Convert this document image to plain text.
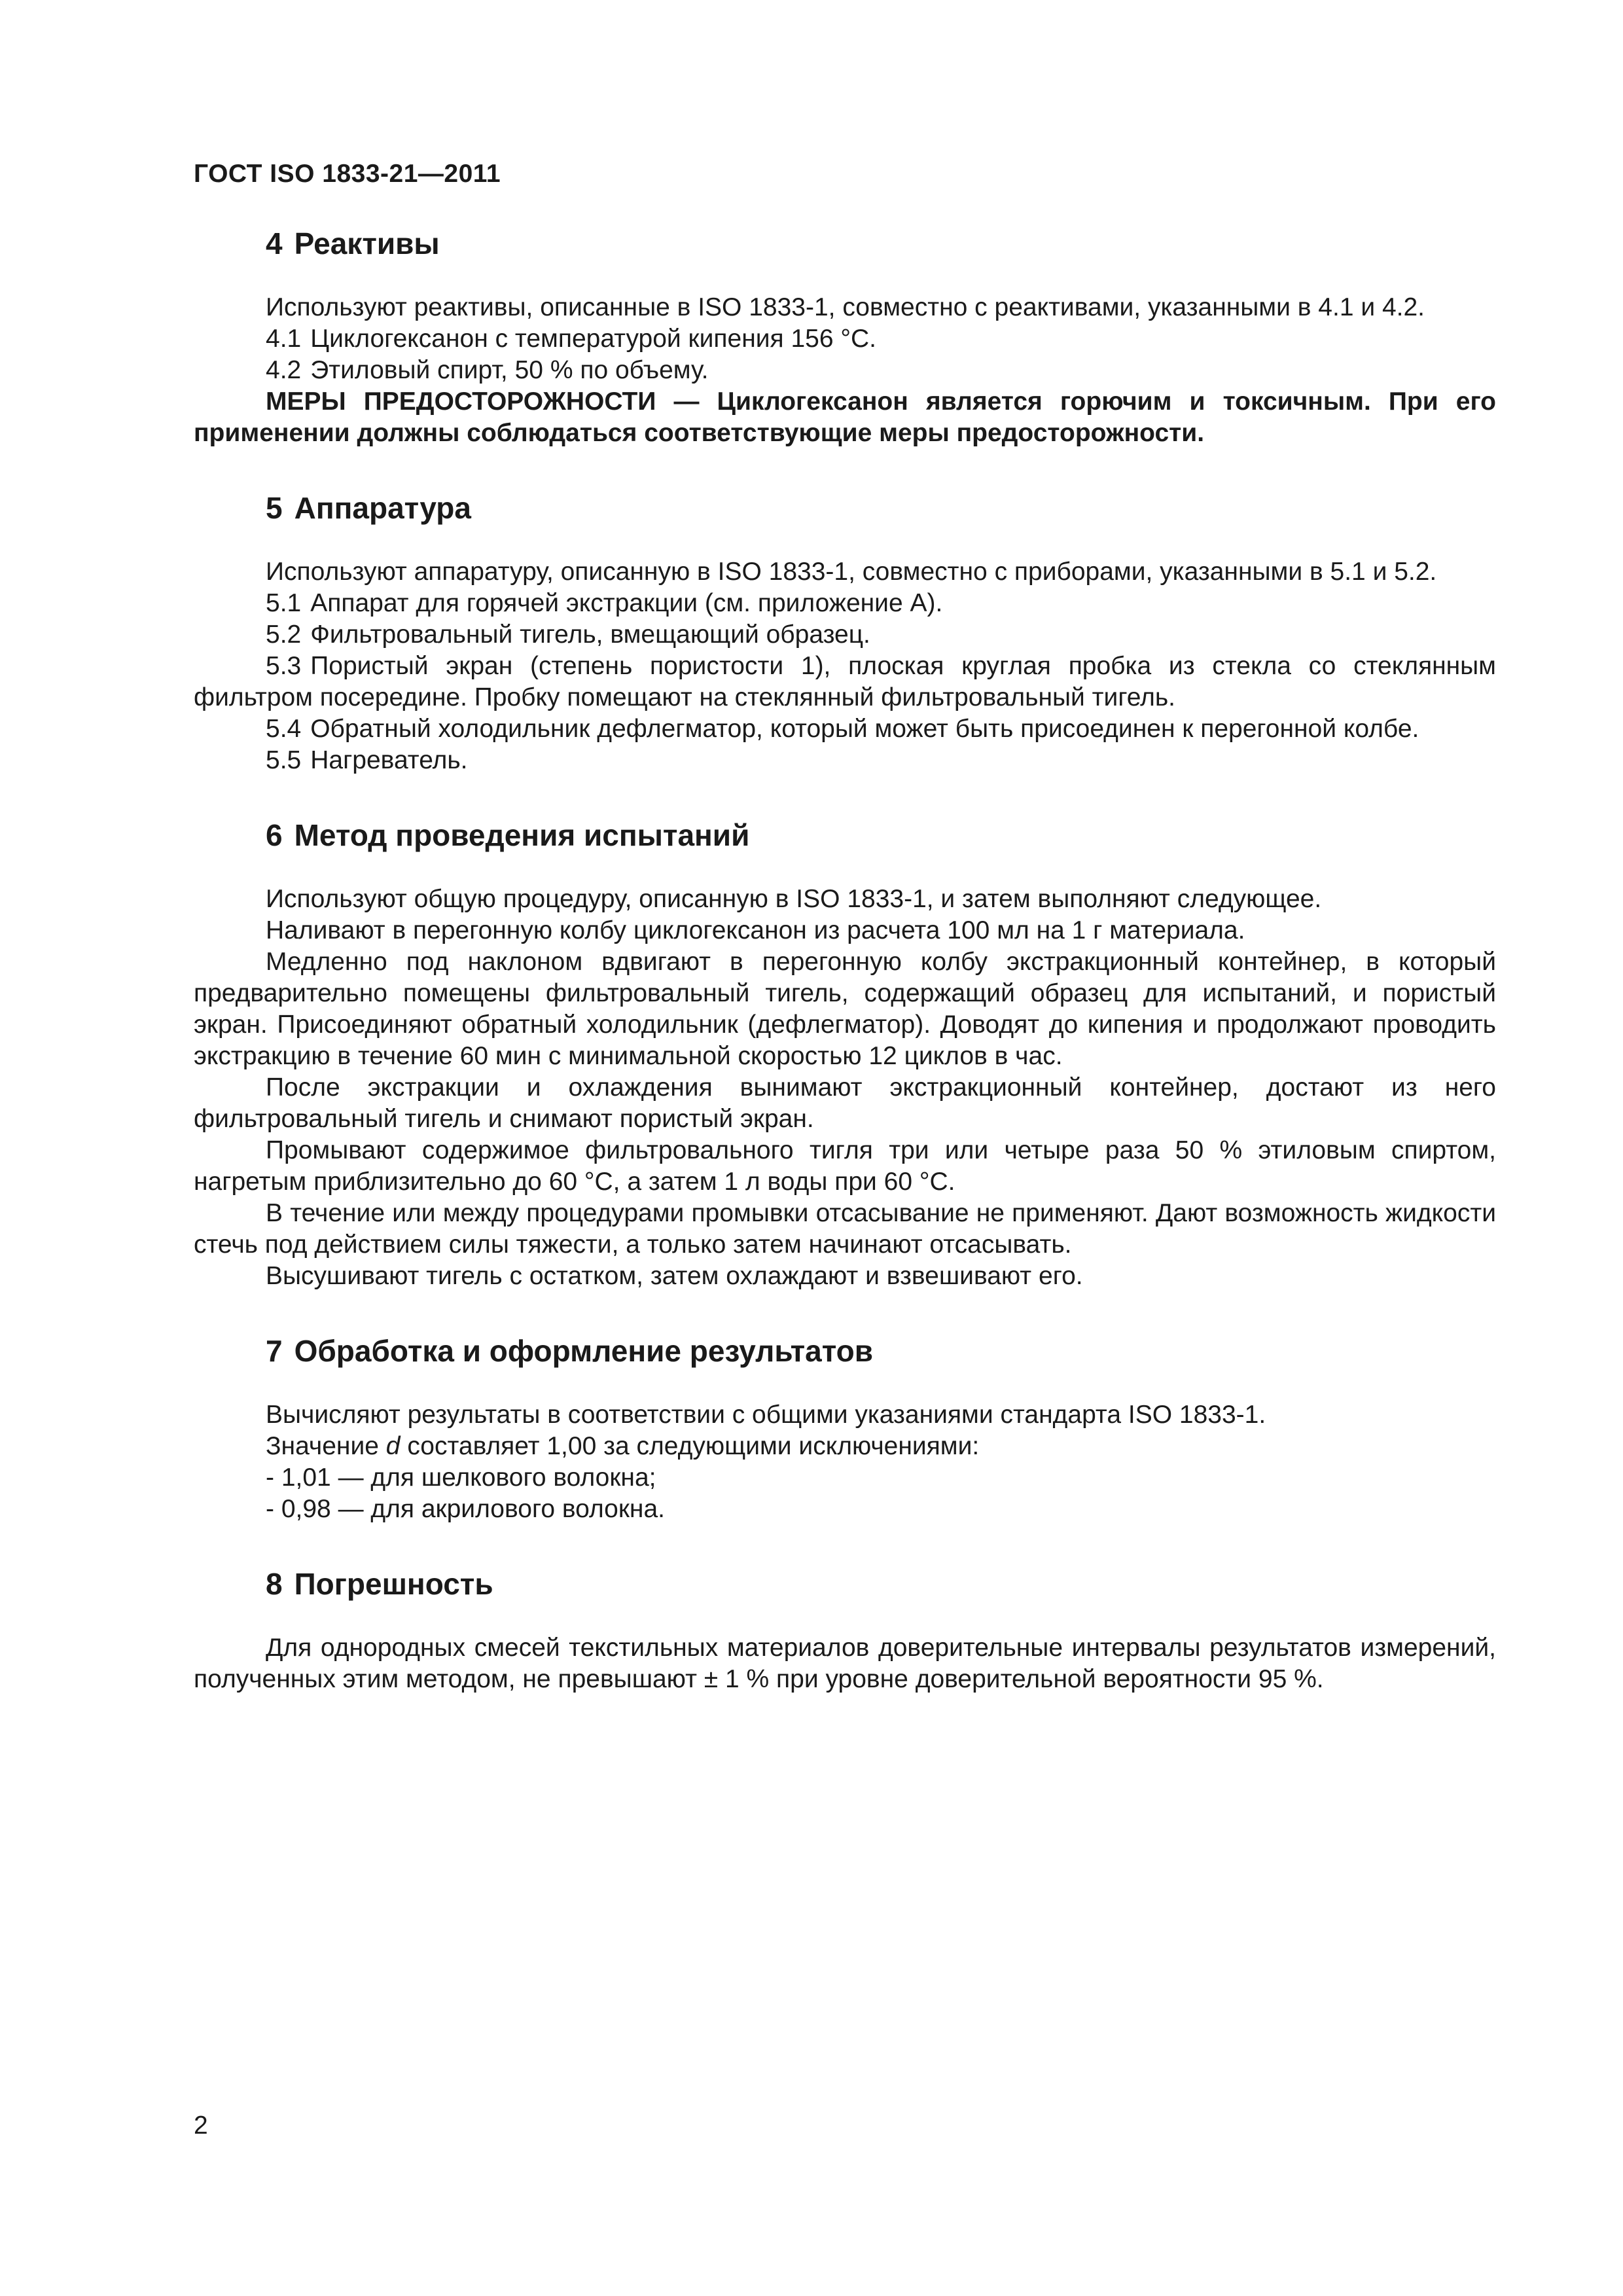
ГОСТ ISO 1833-21—2011
4 Реактивы

Используют реактивы, описанные в ISO 1833-1, совместно с реактивами, указанными в 4.1 и 4.2.

4.1 Циклогексанон с температурой кипения 156 °С.

4.2 Этиловый спирт, 50 % по объему.

МЕРЫ ПРЕДОСТОРОЖНОСТИ — Циклогексанон является горючим и токсичным. При его применении должны соблюдаться соответствующие меры предосторожности.

5 Аппаратура

Используют аппаратуру, описанную в ISO 1833-1, совместно с приборами, указанными в 5.1 и 5.2.

5.1 Аппарат для горячей экстракции (см. приложение А).

5.2 Фильтровальный тигель, вмещающий образец.

5.3 Пористый экран (степень пористости 1), плоская круглая пробка из стекла со стеклянным фильтром посередине. Пробку помещают на стеклянный фильтровальный тигель.

5.4 Обратный холодильник дефлегматор, который может быть присоединен к перегонной колбе.

5.5 Нагреватель.

6 Метод проведения испытаний

Используют общую процедуру, описанную в ISO 1833-1, и затем выполняют следующее.

Наливают в перегонную колбу циклогексанон из расчета 100 мл на 1 г материала.

Медленно под наклоном вдвигают в перегонную колбу экстракционный контейнер, в который предварительно помещены фильтровальный тигель, содержащий образец для испытаний, и пористый экран. Присоединяют обратный холодильник (дефлегматор). Доводят до кипения и продолжают проводить экстракцию в течение 60 мин с минимальной скоростью 12 циклов в час.

После экстракции и охлаждения вынимают экстракционный контейнер, достают из него фильтровальный тигель и снимают пористый экран.

Промывают содержимое фильтровального тигля три или четыре раза 50 % этиловым спиртом, нагретым приблизительно до 60 °С, а затем 1 л воды при 60 °С.

В течение или между процедурами промывки отсасывание не применяют. Дают возможность жидкости стечь под действием силы тяжести, а только затем начинают отсасывать.

Высушивают тигель с остатком, затем охлаждают и взвешивают его.

7 Обработка и оформление результатов

Вычисляют результаты в соответствии с общими указаниями стандарта ISO 1833-1.

Значение d составляет 1,00 за следующими исключениями:

- 1,01 — для шелкового волокна;

- 0,98 — для акрилового волокна.

8 Погрешность

Для однородных смесей текстильных материалов доверительные интервалы результатов измерений, полученных этим методом, не превышают ± 1 % при уровне доверительной вероятности 95 %.

2
